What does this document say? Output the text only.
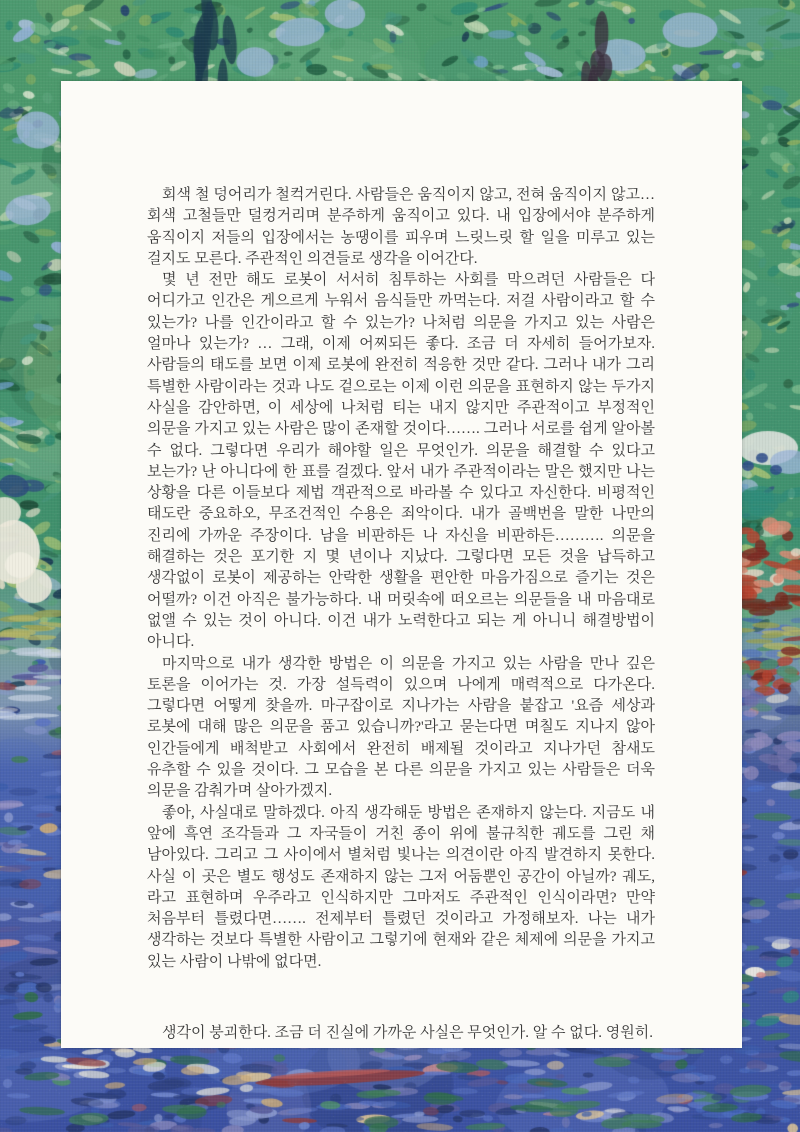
회색 철 덩어리가 철컥거린다. 사람들은 움직이지 않고, 전혀 움직이지 않고… 회색 고철들만 덜컹거리며 분주하게 움직이고 있다. 내 입장에서야 분주하게 움직이지 저들의 입장에서는 농땡이를 피우며 느릿느릿 할 일을 미루고 있는 걸지도 모른다. 주관적인 의견들로 생각을 이어간다.

몇 년 전만 해도 로봇이 서서히 침투하는 사회를 막으려던 사람들은 다 어디가고 인간은 게으르게 누워서 음식들만 까먹는다. 저걸 사람이라고 할 수 있는가? 나를 인간이라고 할 수 있는가? 나처럼 의문을 가지고 있는 사람은 얼마나 있는가? … 그래, 이제 어찌되든 좋다. 조금 더 자세히 들어가보자. 사람들의 태도를 보면 이제 로봇에 완전히 적응한 것만 같다. 그러나 내가 그리 특별한 사람이라는 것과 나도 겉으로는 이제 이런 의문을 표현하지 않는 두가지 사실을 감안하면, 이 세상에 나처럼 티는 내지 않지만 주관적이고 부정적인 의문을 가지고 있는 사람은 많이 존재할 것이다……. 그러나 서로를 쉽게 알아볼 수 없다. 그렇다면 우리가 해야할 일은 무엇인가. 의문을 해결할 수 있다고 보는가? 난 아니다에 한 표를 걸겠다. 앞서 내가 주관적이라는 말은 했지만 나는 상황을 다른 이들보다 제법 객관적으로 바라볼 수 있다고 자신한다. 비평적인 태도란 중요하오, 무조건적인 수용은 죄악이다. 내가 골백번을 말한 나만의 진리에 가까운 주장이다. 남을 비판하든 나 자신을 비판하든………. 의문을 해결하는 것은 포기한 지 몇 년이나 지났다. 그렇다면 모든 것을 납득하고 생각없이 로봇이 제공하는 안락한 생활을 편안한 마음가짐으로 즐기는 것은 어떨까? 이건 아직은 불가능하다. 내 머릿속에 떠오르는 의문들을 내 마음대로 없앨 수 있는 것이 아니다. 이건 내가 노력한다고 되는 게 아니니 해결방법이 아니다.

마지막으로 내가 생각한 방법은 이 의문을 가지고 있는 사람을 만나 깊은 토론을 이어가는 것. 가장 설득력이 있으며 나에게 매력적으로 다가온다. 그렇다면 어떻게 찾을까. 마구잡이로 지나가는 사람을 붙잡고 '요즘 세상과 로봇에 대해 많은 의문을 품고 있습니까?'라고 묻는다면 며칠도 지나지 않아 인간들에게 배척받고 사회에서 완전히 배제될 것이라고 지나가던 참새도 유추할 수 있을 것이다. 그 모습을 본 다른 의문을 가지고 있는 사람들은 더욱 의문을 감춰가며 살아가겠지.

좋아, 사실대로 말하겠다. 아직 생각해둔 방법은 존재하지 않는다. 지금도 내 앞에 흑연 조각들과 그 자국들이 거친 종이 위에 불규칙한 궤도를 그린 채 남아있다. 그리고 그 사이에서 별처럼 빛나는 의견이란 아직 발견하지 못한다. 사실 이 곳은 별도 행성도 존재하지 않는 그저 어둠뿐인 공간이 아닐까? 궤도, 라고 표현하며 우주라고 인식하지만 그마저도 주관적인 인식이라면? 만약 처음부터 틀렸다면……. 전제부터 틀렸던 것이라고 가정해보자. 나는 내가 생각하는 것보다 특별한 사람이고 그렇기에 현재와 같은 체제에 의문을 가지고 있는 사람이 나밖에 없다면.

생각이 붕괴한다. 조금 더 진실에 가까운 사실은 무엇인가. 알 수 없다. 영원히.
